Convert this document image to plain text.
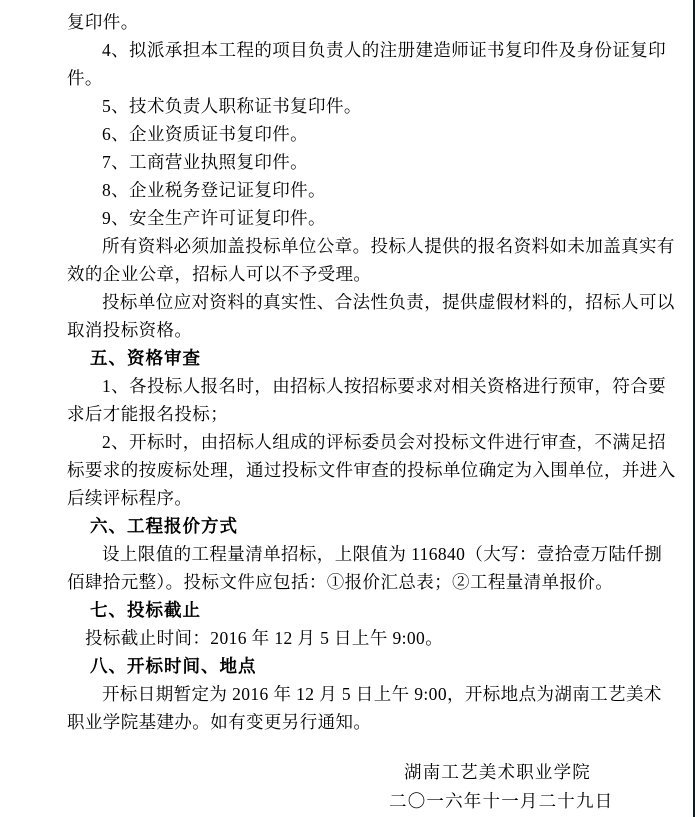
复印件。
4、拟派承担本工程的项目负责人的注册建造师证书复印件及身份证复印
件。
5、技术负责人职称证书复印件。
6、企业资质证书复印件。
7、工商营业执照复印件。
8、企业税务登记证复印件。
9、安全生产许可证复印件。
所有资料必须加盖投标单位公章。投标人提供的报名资料如未加盖真实有
效的企业公章，招标人可以不予受理。
投标单位应对资料的真实性、合法性负责，提供虚假材料的，招标人可以
取消投标资格。
五、资格审查
1、各投标人报名时，由招标人按招标要求对相关资格进行预审，符合要
求后才能报名投标；
2、开标时，由招标人组成的评标委员会对投标文件进行审查，不满足招
标要求的按废标处理，通过投标文件审查的投标单位确定为入围单位，并进入
后续评标程序。
六、工程报价方式
设上限值的工程量清单招标，上限值为 116840（大写：壹拾壹万陆仟捌
佰肆拾元整）。投标文件应包括：①报价汇总表；②工程量清单报价。
七、投标截止
投标截止时间：2016 年 12 月 5 日上午 9:00。
八、开标时间、地点
开标日期暂定为 2016 年 12 月 5 日上午 9:00，开标地点为湖南工艺美术
职业学院基建办。如有变更另行通知。
湖南工艺美术职业学院
二〇一六年十一月二十九日
